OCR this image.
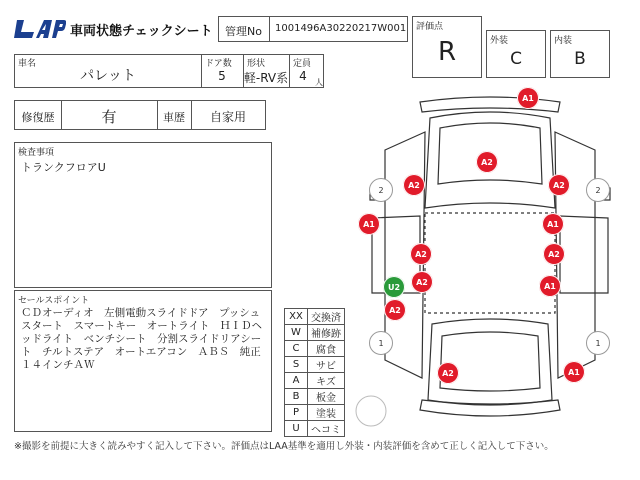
車両状態チェックシート 管理No 1001496A30220217W001 評価点
R	外装
C
内装
B
車名
パレット
ドア数
5
形状
軽-RV系
定員
4	人
修復歴	有	車歴	自家用
検査事項
トランクフロアU
セールスポイント
ＣＤオーディオ　左側電動スライドドア　プッシュスタート　スマートキー　オートライト　ＨＩＤヘッドライト　ベンチシート　分割スライドリアシート　チルトステア　オートエアコン　ＡＢＳ　純正１４インチＡＷ
XX	交換済
W	補修跡
C	腐食
S	サビ
A	キズ
B	板金
P	塗装
U	ヘコミ
A1
A2
A2	A2
A1	A1
A2	A2
A2
U2	A1
A2
A2	A1
2	2
1	1
※撮影を前提に大きく読みやすく記入して下さい。評価点はLAA基準を適用し外装・内装評価を含めて正しく記入して下さい。
